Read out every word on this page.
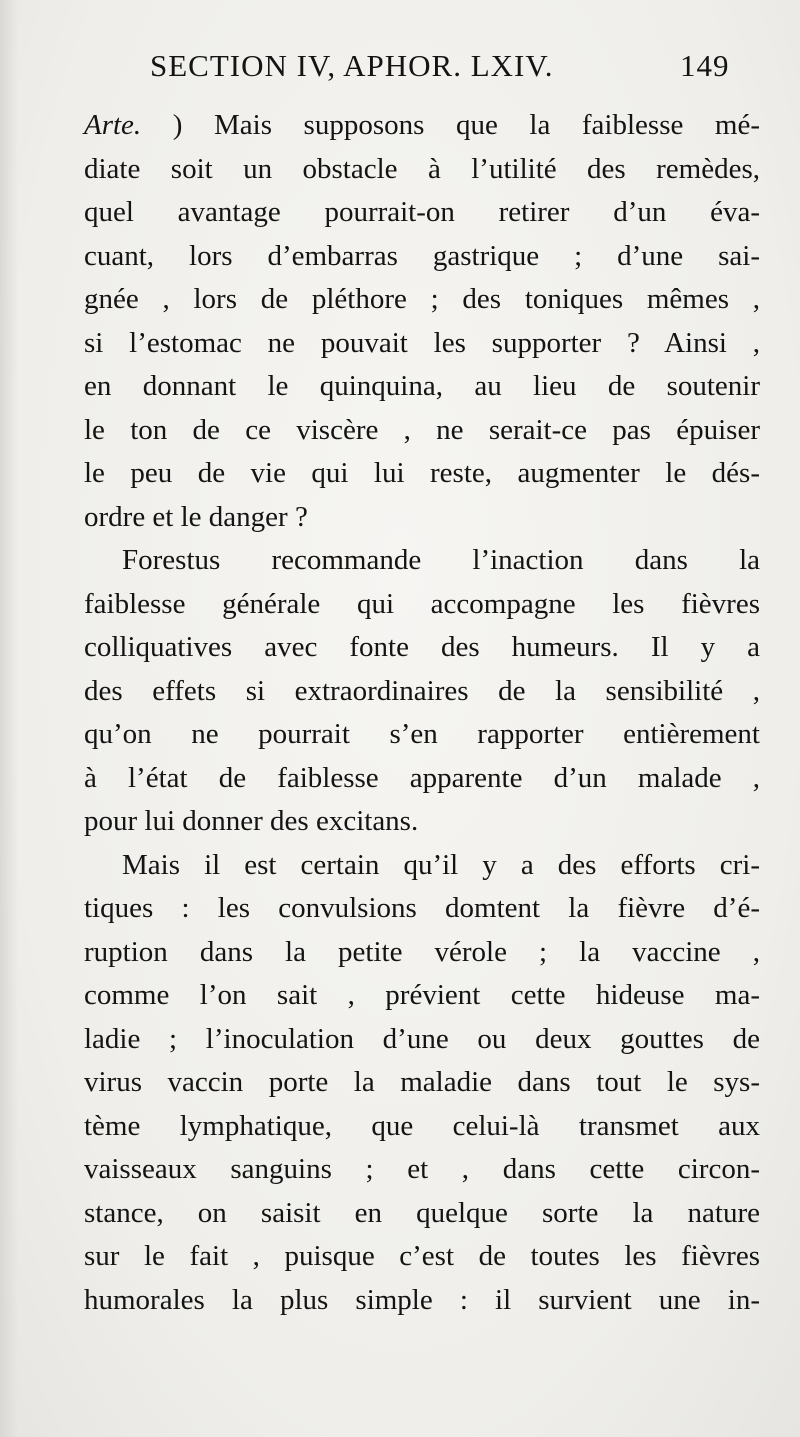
SECTION IV, APHOR. LXIV.	149
Arte. ) Mais supposons que la faiblesse mé-
diate soit un obstacle à l’utilité des remèdes,
quel avantage pourrait-on retirer d’un éva-
cuant, lors d’embarras gastrique ; d’une sai-
gnée , lors de pléthore ; des toniques mêmes ,
si l’estomac ne pouvait les supporter ? Ainsi ,
en donnant le quinquina, au lieu de soutenir
le ton de ce viscère , ne serait-ce pas épuiser
le peu de vie qui lui reste, augmenter le dés-
ordre et le danger ?
Forestus recommande l’inaction dans la
faiblesse générale qui accompagne les fièvres
colliquatives avec fonte des humeurs. Il y a
des effets si extraordinaires de la sensibilité ,
qu’on ne pourrait s’en rapporter entièrement
à l’état de faiblesse apparente d’un malade ,
pour lui donner des excitans.
Mais il est certain qu’il y a des efforts cri-
tiques : les convulsions domtent la fièvre d’é-
ruption dans la petite vérole ; la vaccine ,
comme l’on sait , prévient cette hideuse ma-
ladie ; l’inoculation d’une ou deux gouttes de
virus vaccin porte la maladie dans tout le sys-
tème lymphatique, que celui-là transmet aux
vaisseaux sanguins ; et , dans cette circon-
stance, on saisit en quelque sorte la nature
sur le fait , puisque c’est de toutes les fièvres
humorales la plus simple : il survient une in-
